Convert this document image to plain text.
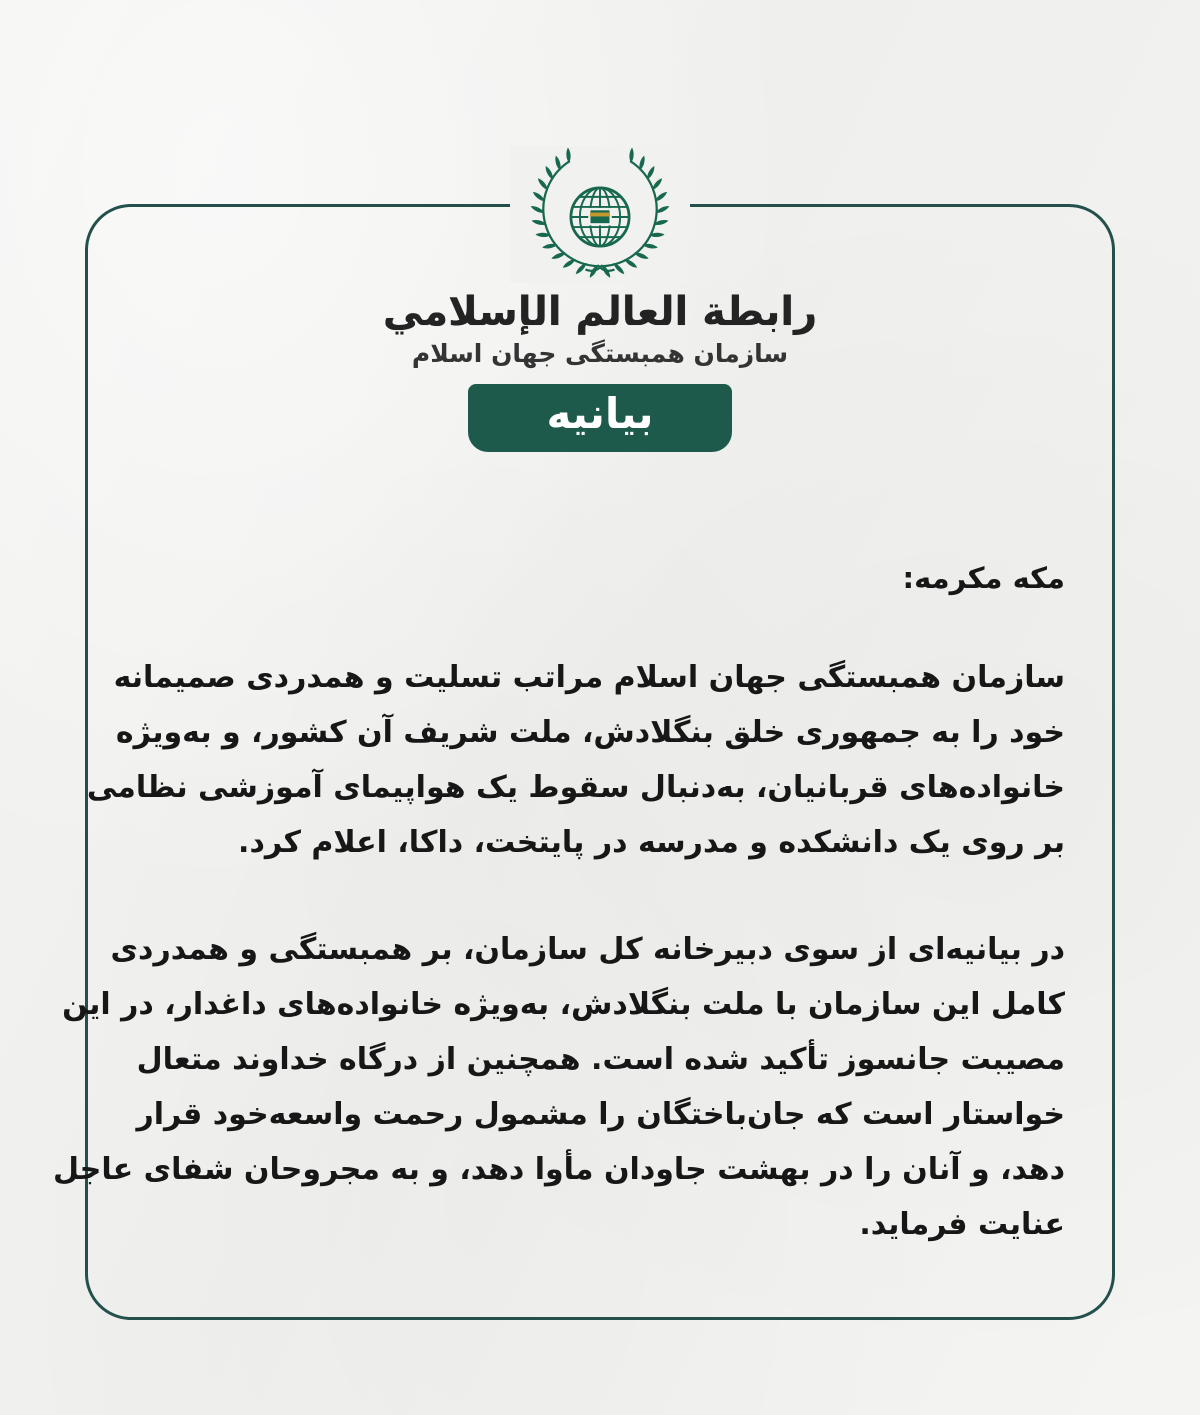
رابطة العالم الإسلامي
سازمان همبستگی جهان اسلام
بیانیه
مکه مکرمه:
سازمان همبستگی جهان اسلام مراتب تسلیت و همدردی صمیمانه
خود را به جمهوری خلق بنگلادش، ملت شریف آن کشور، و به‌ویژه
خانواده‌های قربانیان، به‌دنبال سقوط یک هواپیمای آموزشی نظامی
بر روی یک دانشکده و مدرسه در پایتخت، داکا، اعلام کرد.
در بیانیه‌ای از سوی دبیرخانه کل سازمان، بر همبستگی و همدردی
کامل این سازمان با ملت بنگلادش، به‌ویژه خانواده‌های داغدار، در این
مصیبت جانسوز تأکید شده است. همچنین از درگاه خداوند متعال
خواستار است که جان‌باختگان را مشمول رحمت واسعه‌خود قرار
دهد، و آنان را در بهشت جاودان مأوا دهد، و به مجروحان شفای عاجل
عنایت فرماید.
